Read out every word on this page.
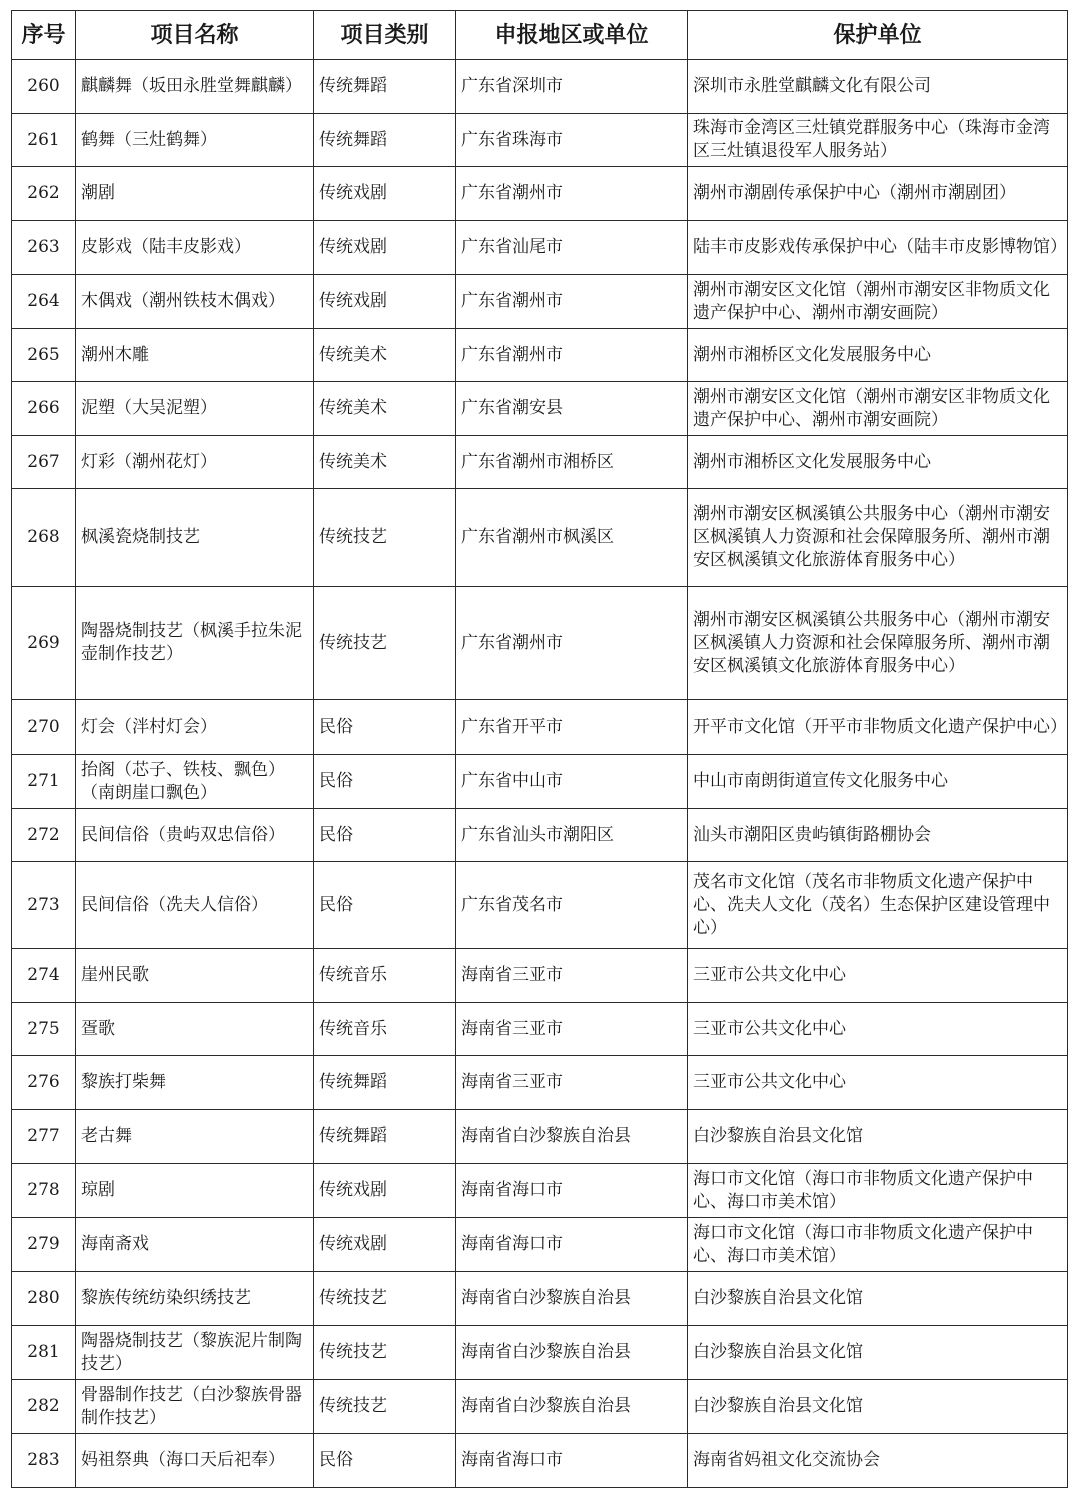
序号	项目名称	项目类别	申报地区或单位	保护单位
260	麒麟舞（坂田永胜堂舞麒麟）	传统舞蹈	广东省深圳市	深圳市永胜堂麒麟文化有限公司
261	鹤舞（三灶鹤舞）	传统舞蹈	广东省珠海市	珠海市金湾区三灶镇党群服务中心（珠海市金湾区三灶镇退役军人服务站）
262	潮剧	传统戏剧	广东省潮州市	潮州市潮剧传承保护中心（潮州市潮剧团）
263	皮影戏（陆丰皮影戏）	传统戏剧	广东省汕尾市	陆丰市皮影戏传承保护中心（陆丰市皮影博物馆）
264	木偶戏（潮州铁枝木偶戏）	传统戏剧	广东省潮州市	潮州市潮安区文化馆（潮州市潮安区非物质文化遗产保护中心、潮州市潮安画院）
265	潮州木雕	传统美术	广东省潮州市	潮州市湘桥区文化发展服务中心
266	泥塑（大吴泥塑）	传统美术	广东省潮安县	潮州市潮安区文化馆（潮州市潮安区非物质文化遗产保护中心、潮州市潮安画院）
267	灯彩（潮州花灯）	传统美术	广东省潮州市湘桥区	潮州市湘桥区文化发展服务中心
268	枫溪瓷烧制技艺	传统技艺	广东省潮州市枫溪区	潮州市潮安区枫溪镇公共服务中心（潮州市潮安区枫溪镇人力资源和社会保障服务所、潮州市潮安区枫溪镇文化旅游体育服务中心）
269	陶器烧制技艺（枫溪手拉朱泥壶制作技艺）	传统技艺	广东省潮州市	潮州市潮安区枫溪镇公共服务中心（潮州市潮安区枫溪镇人力资源和社会保障服务所、潮州市潮安区枫溪镇文化旅游体育服务中心）
270	灯会（泮村灯会）	民俗	广东省开平市	开平市文化馆（开平市非物质文化遗产保护中心）
271	抬阁（芯子、铁枝、飘色）（南朗崖口飘色）	民俗	广东省中山市	中山市南朗街道宣传文化服务中心
272	民间信俗（贵屿双忠信俗）	民俗	广东省汕头市潮阳区	汕头市潮阳区贵屿镇街路棚协会
273	民间信俗（冼夫人信俗）	民俗	广东省茂名市	茂名市文化馆（茂名市非物质文化遗产保护中心、冼夫人文化（茂名）生态保护区建设管理中心）
274	崖州民歌	传统音乐	海南省三亚市	三亚市公共文化中心
275	疍歌	传统音乐	海南省三亚市	三亚市公共文化中心
276	黎族打柴舞	传统舞蹈	海南省三亚市	三亚市公共文化中心
277	老古舞	传统舞蹈	海南省白沙黎族自治县	白沙黎族自治县文化馆
278	琼剧	传统戏剧	海南省海口市	海口市文化馆（海口市非物质文化遗产保护中心、海口市美术馆）
279	海南斋戏	传统戏剧	海南省海口市	海口市文化馆（海口市非物质文化遗产保护中心、海口市美术馆）
280	黎族传统纺染织绣技艺	传统技艺	海南省白沙黎族自治县	白沙黎族自治县文化馆
281	陶器烧制技艺（黎族泥片制陶技艺）	传统技艺	海南省白沙黎族自治县	白沙黎族自治县文化馆
282	骨器制作技艺（白沙黎族骨器制作技艺）	传统技艺	海南省白沙黎族自治县	白沙黎族自治县文化馆
283	妈祖祭典（海口天后祀奉）	民俗	海南省海口市	海南省妈祖文化交流协会
